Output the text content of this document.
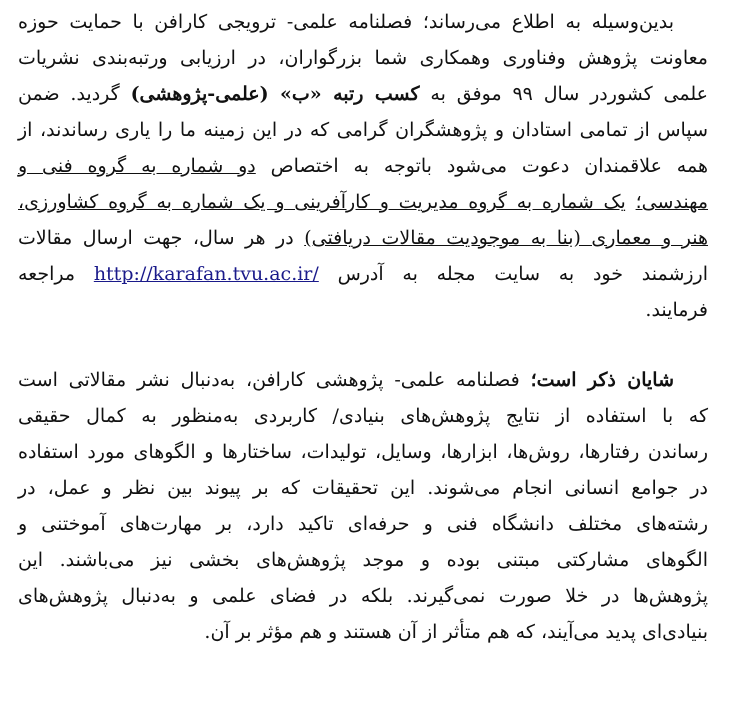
بدین‌وسیله به اطلاع می‌رساند؛ فصلنامه علمی- ترویجی کارافن با حمایت حوزه
معاونت پژوهش وفناوری وهمکاری شما بزرگواران، در ارزیابی ورتبه‌بندی نشریات
علمی کشوردر سال ۹۹ موفق به کسب رتبه «ب» (علمی-پژوهشی) گردید. ضمن
سپاس از تمامی استادان و پژوهشگران گرامی که در این زمینه ما را یاری رساندند، از
همه علاقمندان دعوت می‌شود باتوجه به اختصاص دو شماره به گروه فنی و
مهندسی؛ یک شماره به گروه مدیریت و کارآفرینی و یک شماره به گروه کشاورزی،
هنر و معماری (بنا به موجودیت مقالات دریافتی) در هر سال، جهت ارسال مقالات
ارزشمند خود به سایت مجله به آدرس http://karafan.tvu.ac.ir/ مراجعه
فرمایند.
شایان ذکر است؛ فصلنامه علمی- پژوهشی کارافن، به‌دنبال نشر مقالاتی است
که با استفاده از نتایج پژوهش‌های بنیادی/ کاربردی به‌منظور به کمال حقیقی
رساندن رفتارها، روش‌ها، ابزارها، وسایل، تولیدات، ساختارها و الگوهای مورد استفاده
در جوامع انسانی انجام می‌شوند. این تحقیقات که بر پیوند بین نظر و عمل، در
رشته‌های مختلف دانشگاه فنی و حرفه‌ای تاکید دارد، بر مهارت‌های آموختنی و
الگوهای مشارکتی مبتنی بوده و موجد پژوهش‌های بخشی نیز می‌باشند. این
پژوهش‌ها در خلا صورت نمی‌گیرند. بلکه در فضای علمی و به‌دنبال پژوهش‌های
بنیادی‌ای پدید می‌آیند، که هم متأثر از آن هستند و هم مؤثر بر آن.
